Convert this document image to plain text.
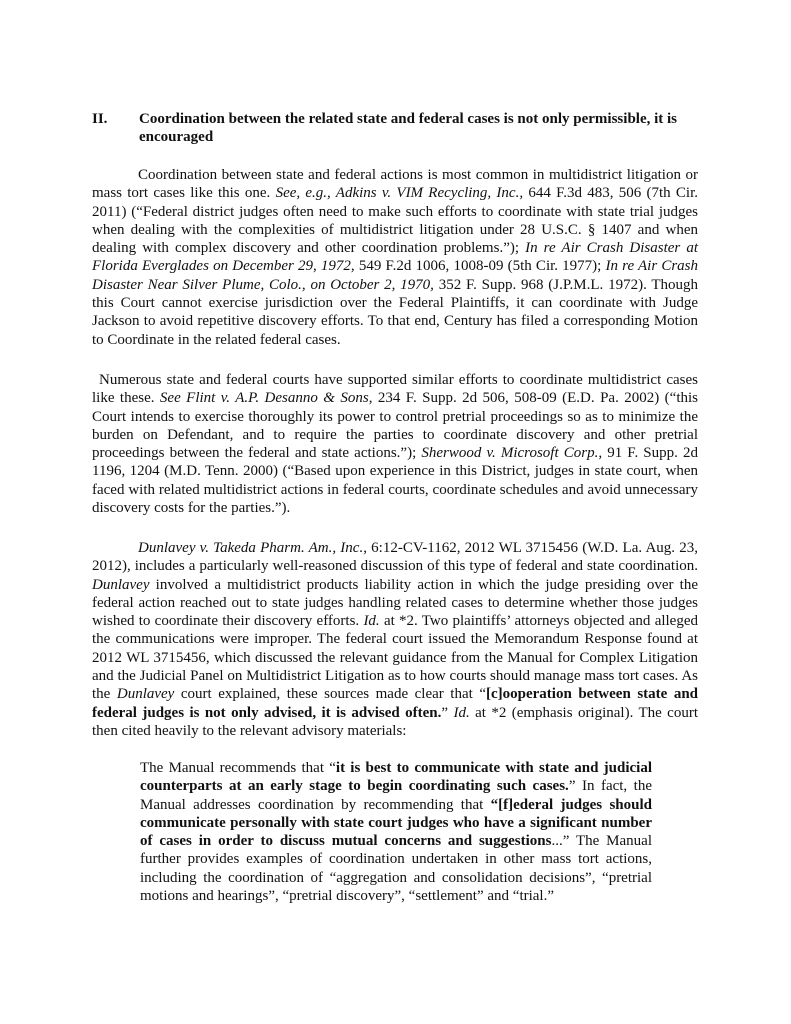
II.	Coordination between the related state and federal cases is not only permissible, it is encouraged

Coordination between state and federal actions is most common in multidistrict litigation or mass tort cases like this one. See, e.g., Adkins v. VIM Recycling, Inc., 644 F.3d 483, 506 (7th Cir. 2011) (“Federal district judges often need to make such efforts to coordinate with state trial judges when dealing with the complexities of multidistrict litigation under 28 U.S.C. § 1407 and when dealing with complex discovery and other coordination problems.”); In re Air Crash Disaster at Florida Everglades on December 29, 1972, 549 F.2d 1006, 1008-09 (5th Cir. 1977); In re Air Crash Disaster Near Silver Plume, Colo., on October 2, 1970, 352 F. Supp. 968 (J.P.M.L. 1972). Though this Court cannot exercise jurisdiction over the Federal Plaintiffs, it can coordinate with Judge Jackson to avoid repetitive discovery efforts. To that end, Century has filed a corresponding Motion to Coordinate in the related federal cases.

Numerous state and federal courts have supported similar efforts to coordinate multidistrict cases like these. See Flint v. A.P. Desanno & Sons, 234 F. Supp. 2d 506, 508-09 (E.D. Pa. 2002) (“this Court intends to exercise thoroughly its power to control pretrial proceedings so as to minimize the burden on Defendant, and to require the parties to coordinate discovery and other pretrial proceedings between the federal and state actions.”); Sherwood v. Microsoft Corp., 91 F. Supp. 2d 1196, 1204 (M.D. Tenn. 2000) (“Based upon experience in this District, judges in state court, when faced with related multidistrict actions in federal courts, coordinate schedules and avoid unnecessary discovery costs for the parties.”).

Dunlavey v. Takeda Pharm. Am., Inc., 6:12-CV-1162, 2012 WL 3715456 (W.D. La. Aug. 23, 2012), includes a particularly well-reasoned discussion of this type of federal and state coordination. Dunlavey involved a multidistrict products liability action in which the judge presiding over the federal action reached out to state judges handling related cases to determine whether those judges wished to coordinate their discovery efforts. Id. at *2. Two plaintiffs’ attorneys objected and alleged the communications were improper. The federal court issued the Memorandum Response found at 2012 WL 3715456, which discussed the relevant guidance from the Manual for Complex Litigation and the Judicial Panel on Multidistrict Litigation as to how courts should manage mass tort cases. As the Dunlavey court explained, these sources made clear that “[c]ooperation between state and federal judges is not only advised, it is advised often.” Id. at *2 (emphasis original). The court then cited heavily to the relevant advisory materials:

The Manual recommends that “it is best to communicate with state and judicial counterparts at an early stage to begin coordinating such cases.” In fact, the Manual addresses coordination by recommending that “[f]ederal judges should communicate personally with state court judges who have a significant number of cases in order to discuss mutual concerns and suggestions...” The Manual further provides examples of coordination undertaken in other mass tort actions, including the coordination of “aggregation and consolidation decisions”, “pretrial motions and hearings”, “pretrial discovery”, “settlement” and “trial.”
